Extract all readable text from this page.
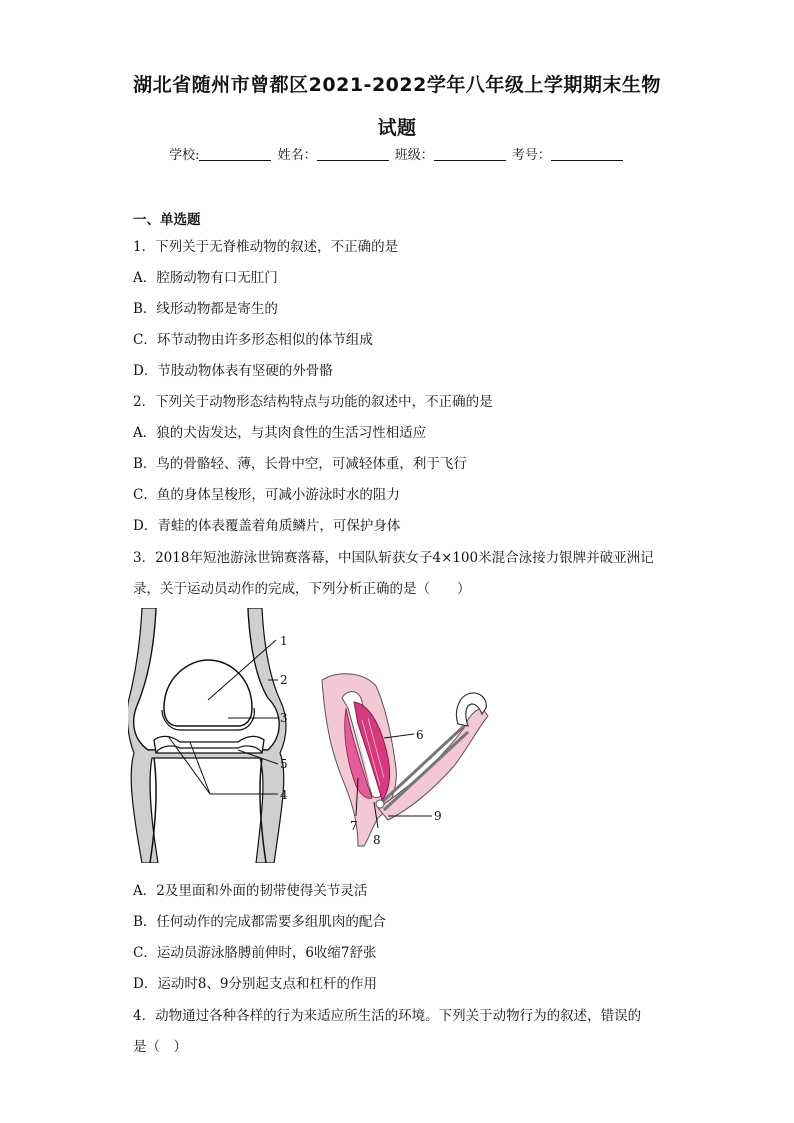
湖北省随州市曾都区2021-2022学年八年级上学期期末生物
试题
学校:	姓名：	班级：	考号：
一、单选题
1．下列关于无脊椎动物的叙述，不正确的是
A．腔肠动物有口无肛门
B．线形动物都是寄生的
C．环节动物由许多形态相似的体节组成
D．节肢动物体表有坚硬的外骨骼
2．下列关于动物形态结构特点与功能的叙述中，不正确的是
A．狼的犬齿发达，与其肉食性的生活习性相适应
B．鸟的骨骼轻、薄，长骨中空，可减轻体重，利于飞行
C．鱼的身体呈梭形，可减小游泳时水的阻力
D．青蛙的体表覆盖着角质鳞片，可保护身体
3．2018年短池游泳世锦赛落幕，中国队斩获女子4×100米混合泳接力银牌并破亚洲记
录，关于运动员动作的完成，下列分析正确的是（　　）
1
2
3
5
4
6
7
8
9
A．2及里面和外面的韧带使得关节灵活
B．任何动作的完成都需要多组肌肉的配合
C．运动员游泳胳膊前伸时，6收缩7舒张
D．运动时8、9分别起支点和杠杆的作用
4．动物通过各种各样的行为来适应所生活的环境。下列关于动物行为的叙述，错误的
是（　）
